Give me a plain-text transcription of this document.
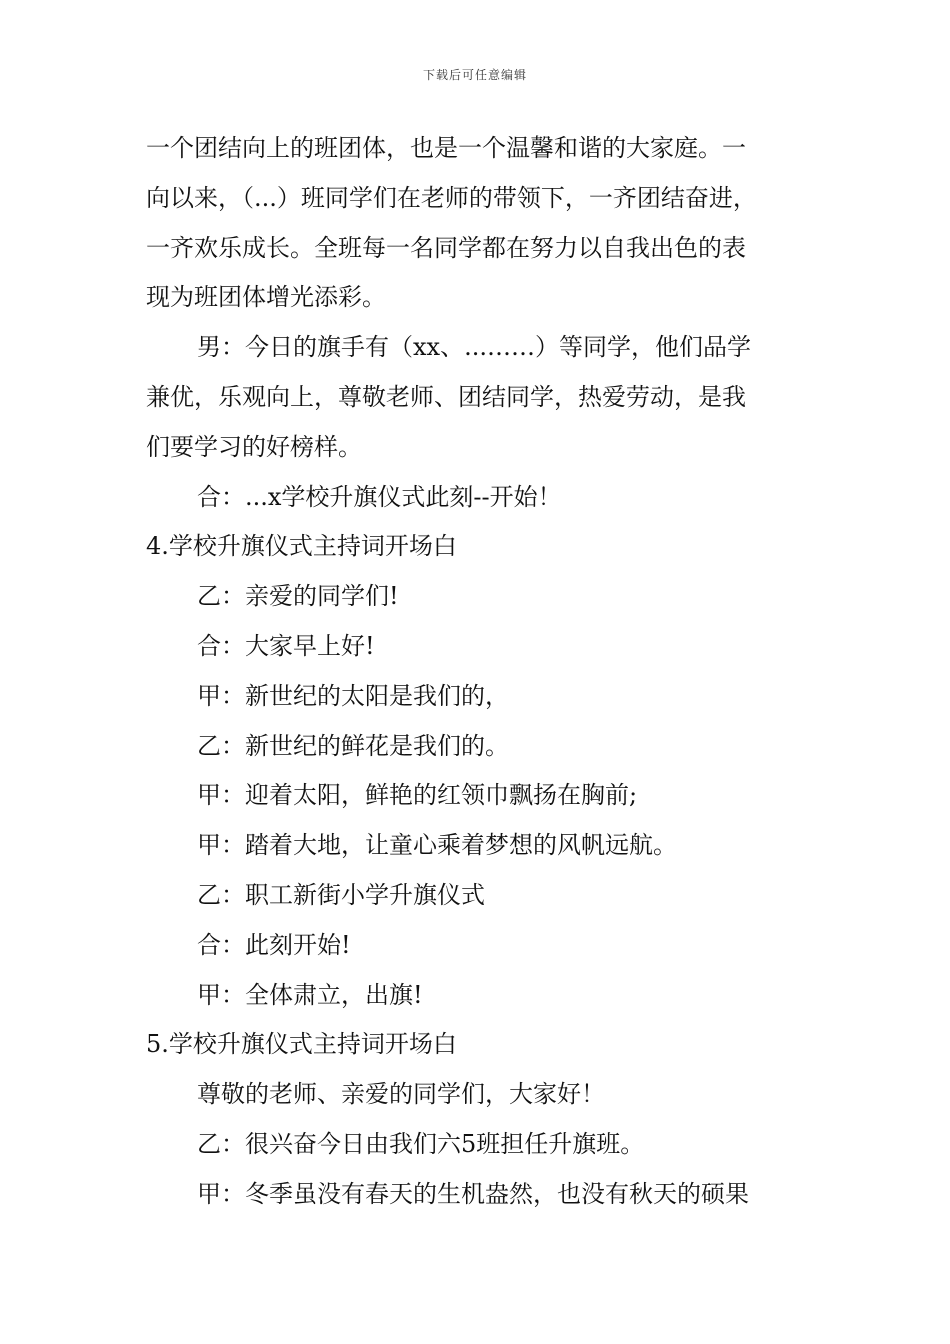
下载后可任意编辑
一个团结向上的班团体，也是一个温馨和谐的大家庭。一
向以来，（...）班同学们在老师的带领下，一齐团结奋进，
一齐欢乐成长。全班每一名同学都在努力以自我出色的表
现为班团体增光添彩。
男：今日的旗手有（xx、...……）等同学，他们品学
兼优，乐观向上，尊敬老师、团结同学，热爱劳动，是我
们要学习的好榜样。
合：...x学校升旗仪式此刻--开始！
4.学校升旗仪式主持词开场白
乙：亲爱的同学们!
合：大家早上好!
甲：新世纪的太阳是我们的，
乙：新世纪的鲜花是我们的。
甲：迎着太阳，鲜艳的红领巾飘扬在胸前;
甲：踏着大地，让童心乘着梦想的风帆远航。
乙：职工新街小学升旗仪式
合：此刻开始!
甲：全体肃立，出旗!
5.学校升旗仪式主持词开场白
尊敬的老师、亲爱的同学们，大家好！
乙：很兴奋今日由我们六5班担任升旗班。
甲：冬季虽没有春天的生机盎然，也没有秋天的硕果
